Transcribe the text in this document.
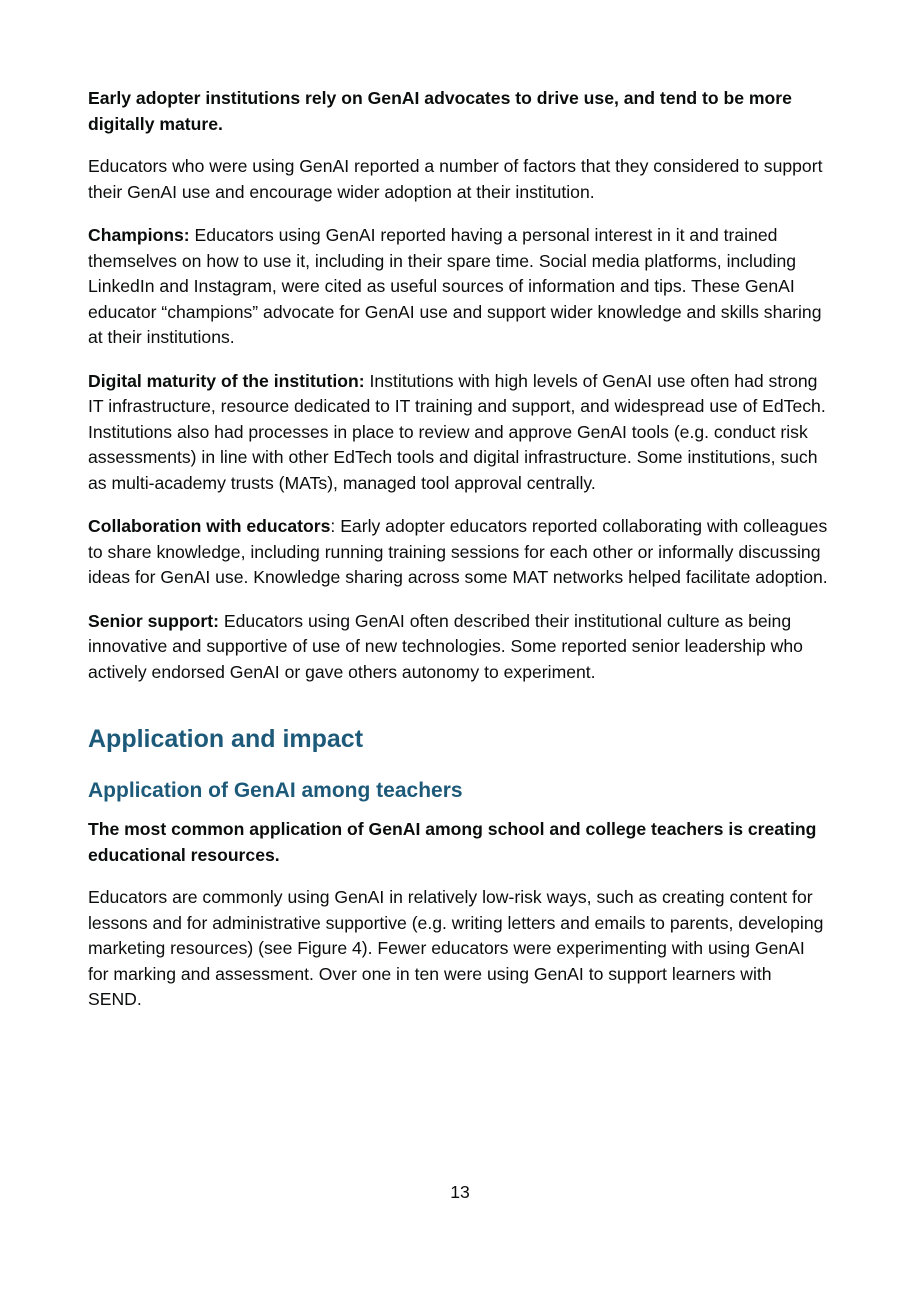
Early adopter institutions rely on GenAI advocates to drive use, and tend to be more digitally mature.

Educators who were using GenAI reported a number of factors that they considered to support their GenAI use and encourage wider adoption at their institution.

Champions: Educators using GenAI reported having a personal interest in it and trained themselves on how to use it, including in their spare time. Social media platforms, including LinkedIn and Instagram, were cited as useful sources of information and tips. These GenAI educator “champions” advocate for GenAI use and support wider knowledge and skills sharing at their institutions.

Digital maturity of the institution: Institutions with high levels of GenAI use often had strong IT infrastructure, resource dedicated to IT training and support, and widespread use of EdTech. Institutions also had processes in place to review and approve GenAI tools (e.g. conduct risk assessments) in line with other EdTech tools and digital infrastructure. Some institutions, such as multi-academy trusts (MATs), managed tool approval centrally.

Collaboration with educators: Early adopter educators reported collaborating with colleagues to share knowledge, including running training sessions for each other or informally discussing ideas for GenAI use. Knowledge sharing across some MAT networks helped facilitate adoption.

Senior support: Educators using GenAI often described their institutional culture as being innovative and supportive of use of new technologies. Some reported senior leadership who actively endorsed GenAI or gave others autonomy to experiment.

Application and impact
Application of GenAI among teachers

The most common application of GenAI among school and college teachers is creating educational resources.

Educators are commonly using GenAI in relatively low-risk ways, such as creating content for lessons and for administrative supportive (e.g. writing letters and emails to parents, developing marketing resources) (see Figure 4). Fewer educators were experimenting with using GenAI for marking and assessment. Over one in ten were using GenAI to support learners with SEND.

13
